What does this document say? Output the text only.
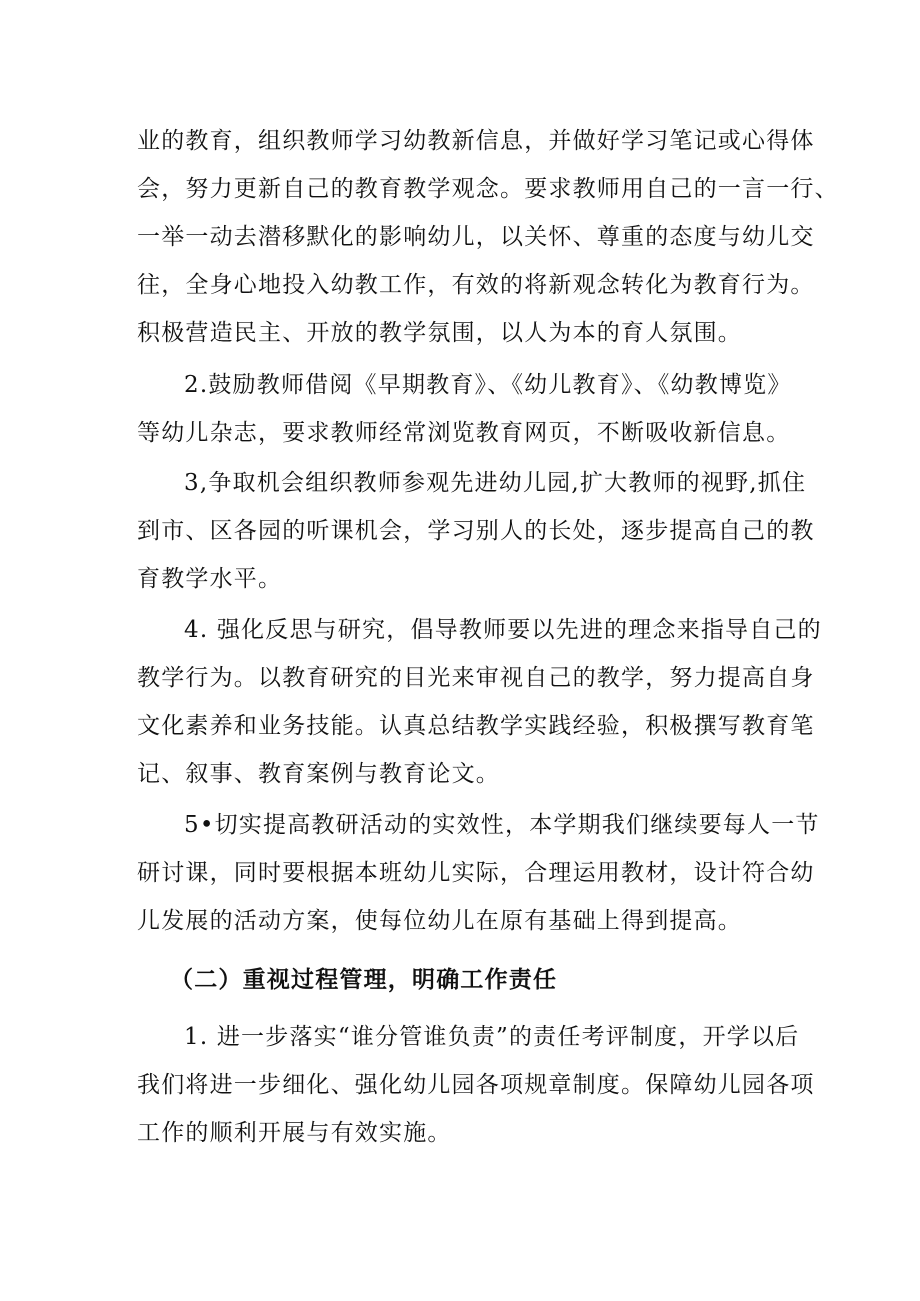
业的教育，组织教师学习幼教新信息，并做好学习笔记或心得体
会，努力更新自己的教育教学观念。要求教师用自己的一言一行、
一举一动去潜移默化的影响幼儿，以关怀、尊重的态度与幼儿交
往，全身心地投入幼教工作，有效的将新观念转化为教育行为。
积极营造民主、开放的教学氛围，以人为本的育人氛围。
2.鼓励教师借阅《早期教育》、《幼儿教育》、《幼教博览》
等幼儿杂志，要求教师经常浏览教育网页，不断吸收新信息。
3,争取机会组织教师参观先进幼儿园,扩大教师的视野,抓住
到市、区各园的听课机会，学习别人的长处，逐步提高自己的教
育教学水平。
4. 强化反思与研究，倡导教师要以先进的理念来指导自己的
教学行为。以教育研究的目光来审视自己的教学，努力提高自身
文化素养和业务技能。认真总结教学实践经验，积极撰写教育笔
记、叙事、教育案例与教育论文。
5•切实提高教研活动的实效性，本学期我们继续要每人一节
研讨课，同时要根据本班幼儿实际，合理运用教材，设计符合幼
儿发展的活动方案，使每位幼儿在原有基础上得到提高。
（二）重视过程管理，明确工作责任
1. 进一步落实“谁分管谁负责”的责任考评制度，开学以后
我们将进一步细化、强化幼儿园各项规章制度。保障幼儿园各项
工作的顺利开展与有效实施。
